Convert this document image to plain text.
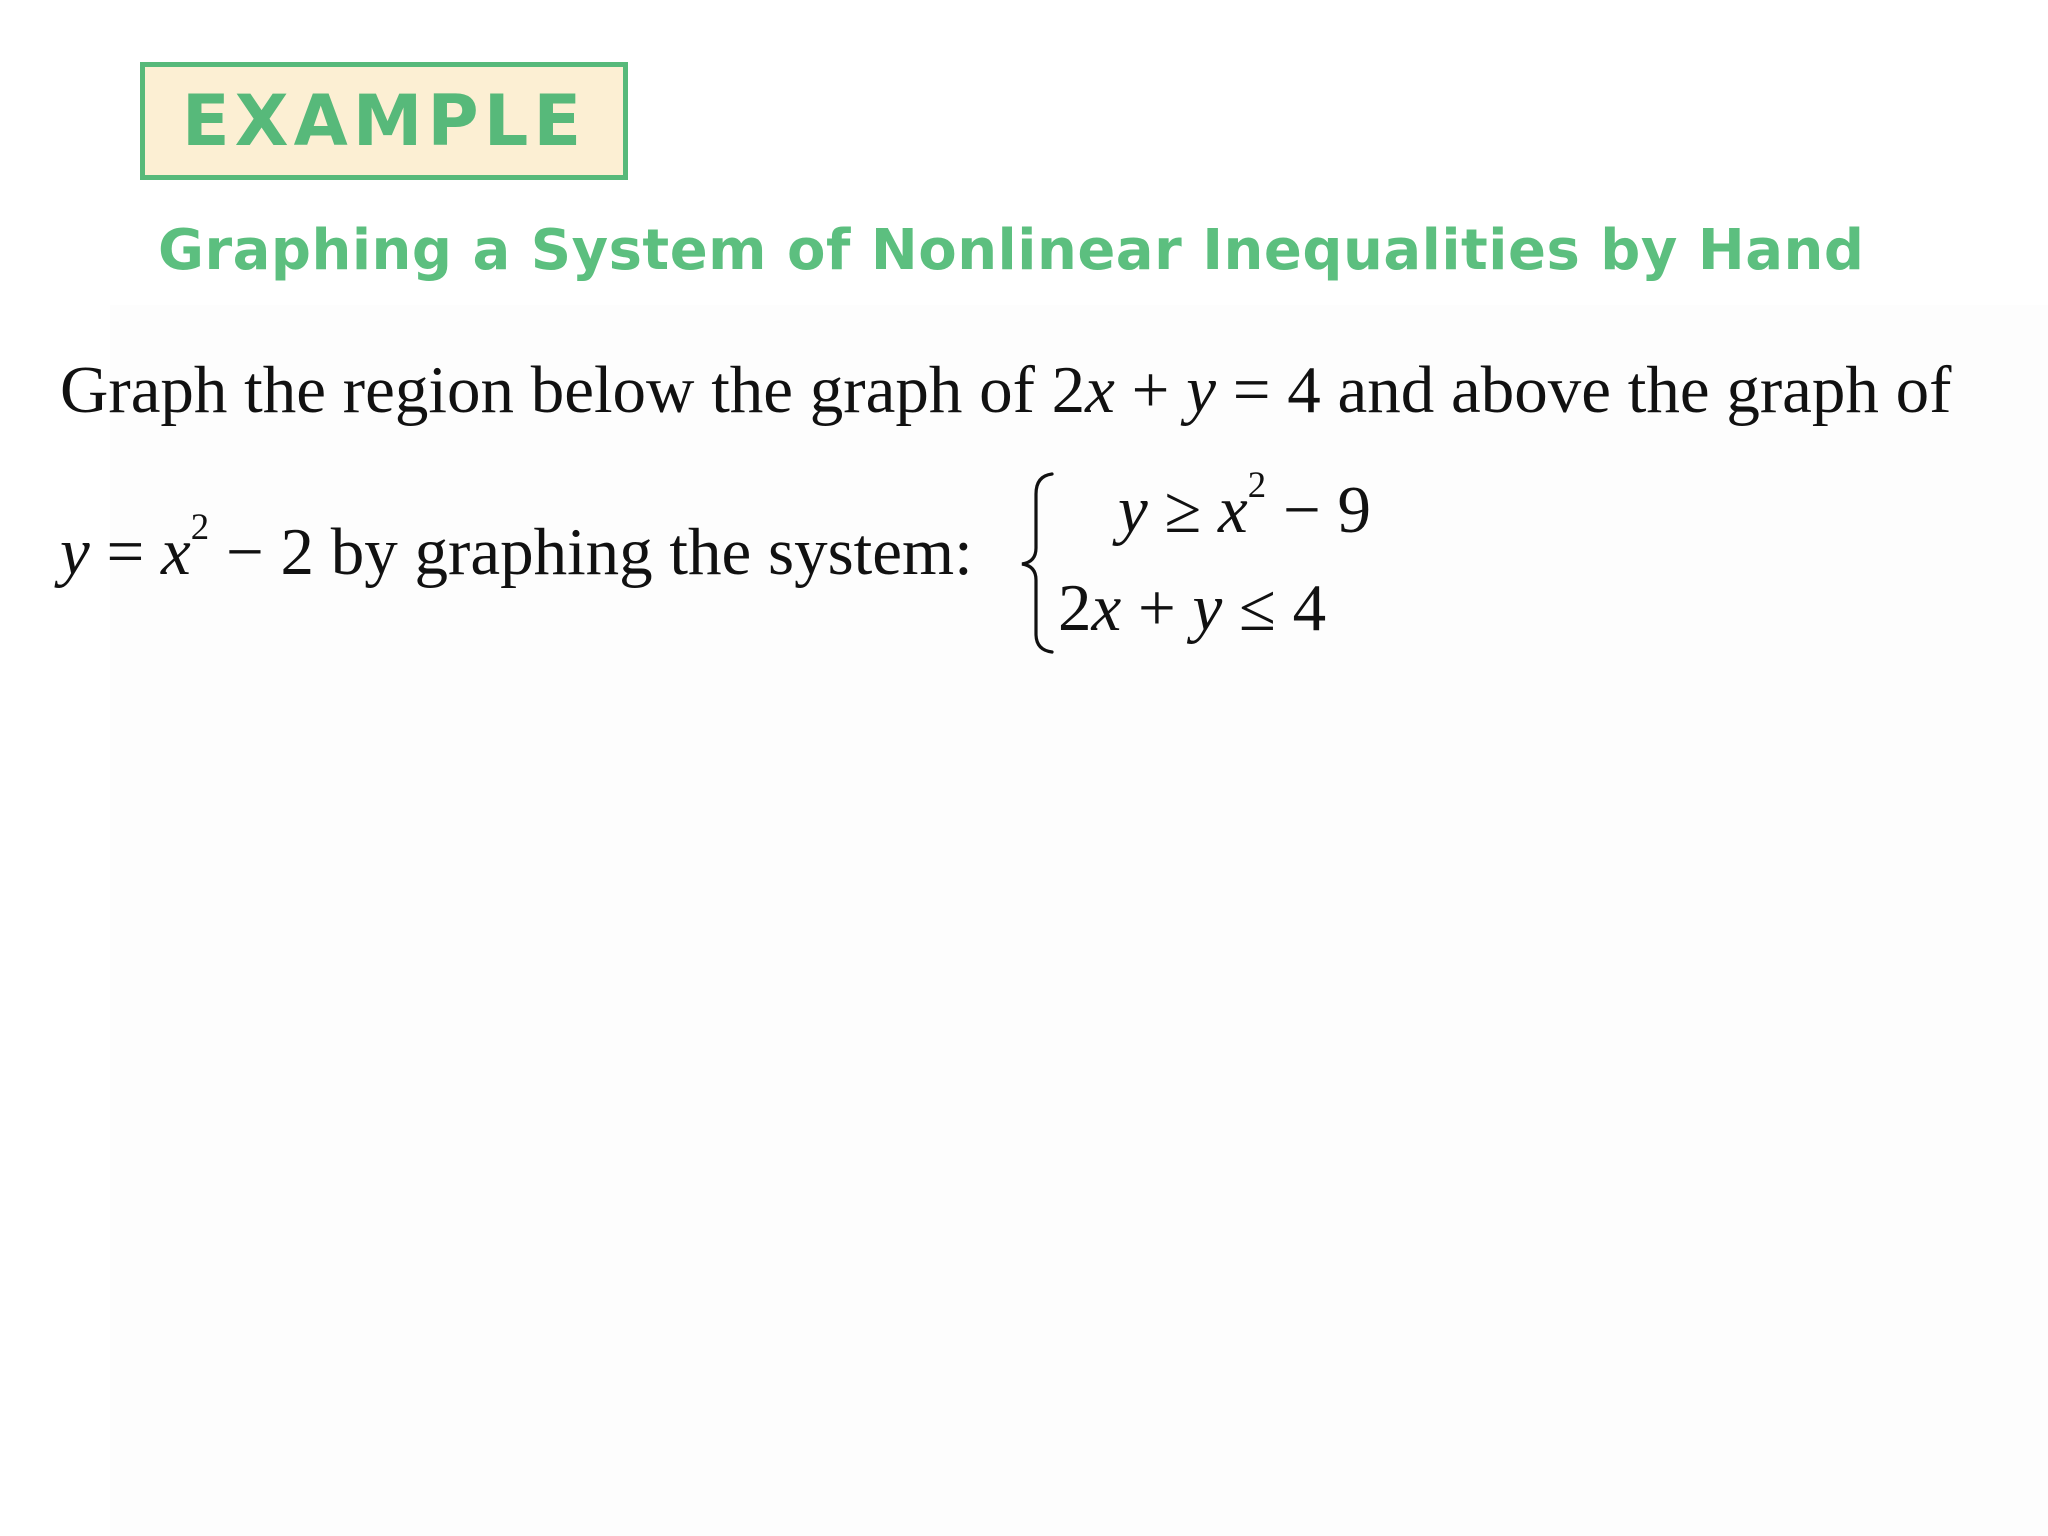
EXAMPLE
Graphing a System of Nonlinear Inequalities by Hand
Graph the region below the graph of 2x + y = 4 and above the graph of
$y = x^2 - 2$ by graphing the system:
$y \ge x^2 - 9$
2x + y ≤ 4
